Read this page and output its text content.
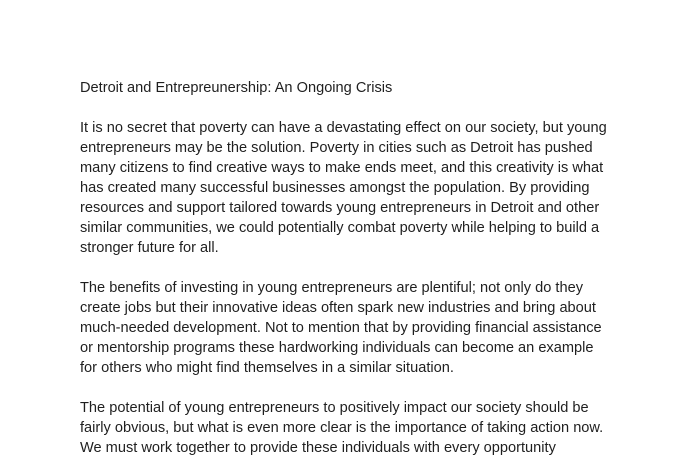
Detroit and Entrepreunership: An Ongoing Crisis

It is no secret that poverty can have a devastating effect on our society, but young entrepreneurs may be the solution. Poverty in cities such as Detroit has pushed many citizens to find creative ways to make ends meet, and this creativity is what has created many successful businesses amongst the population. By providing resources and support tailored towards young entrepreneurs in Detroit and other similar communities, we could potentially combat poverty while helping to build a stronger future for all.

The benefits of investing in young entrepreneurs are plentiful; not only do they create jobs but their innovative ideas often spark new industries and bring about much-needed development. Not to mention that by providing financial assistance or mentorship programs these hardworking individuals can become an example for others who might find themselves in a similar situation.

The potential of young entrepreneurs to positively impact our society should be fairly obvious, but what is even more clear is the importance of taking action now. We must work together to provide these individuals with every opportunity
